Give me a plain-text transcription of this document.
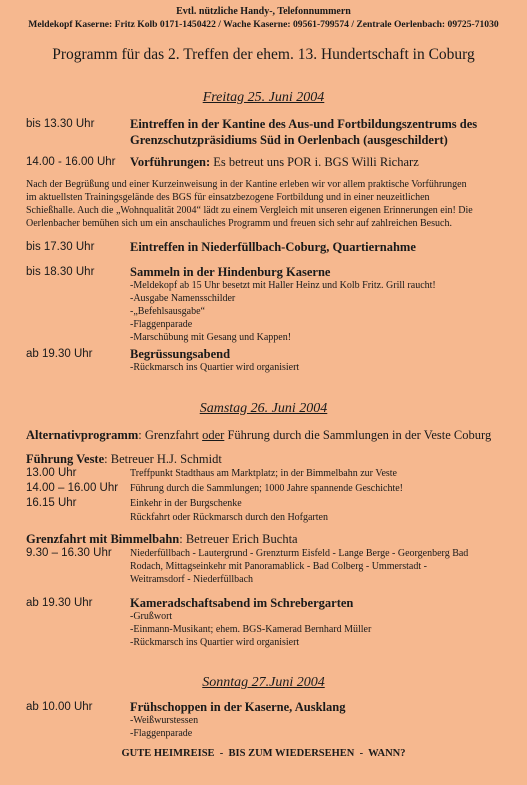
Evtl. nützliche Handy-, Telefonnummern
Meldekopf Kaserne: Fritz Kolb 0171-1450422 / Wache Kaserne: 09561-799574 / Zentrale Oerlenbach: 09725-71030
Programm für das 2. Treffen der ehem. 13. Hundertschaft in Coburg
Freitag 25. Juni 2004
bis 13.30 Uhr	Eintreffen in der Kantine des Aus-und Fortbildungszentrums des
Grenzschutzpräsidiums Süd in Oerlenbach (ausgeschildert)
14.00 - 16.00 Uhr Vorführungen: Es betreut uns POR i. BGS Willi Richarz
Nach der Begrüßung und einer Kurzeinweisung in der Kantine erleben wir vor allem praktische Vorführungen
im aktuellsten Trainingsgelände des BGS für einsatzbezogene Fortbildung und in einer neuzeitlichen
Schießhalle. Auch die „Wohnqualität 2004“ lädt zu einem Vergleich mit unseren eigenen Erinnerungen ein! Die
Oerlenbacher bemühen sich um ein anschauliches Programm und freuen sich sehr auf zahlreichen Besuch.
bis 17.30 Uhr	Eintreffen in Niederfüllbach-Coburg, Quartiernahme
bis 18.30 Uhr	Sammeln in der Hindenburg Kaserne
-Meldekopf ab 15 Uhr besetzt mit Haller Heinz und Kolb Fritz. Grill raucht!
-Ausgabe Namensschilder
-„Befehlsausgabe“
-Flaggenparade
-Marschübung mit Gesang und Kappen!
ab 19.30 Uhr	Begrüssungsabend
-Rückmarsch ins Quartier wird organisiert
Samstag 26. Juni 2004
Alternativprogramm: Grenzfahrt oder Führung durch die Sammlungen in der Veste Coburg
Führung Veste: Betreuer H.J. Schmidt
13.00 Uhr	Treffpunkt Stadthaus am Marktplatz; in der Bimmelbahn zur Veste
14.00 – 16.00 Uhr Führung durch die Sammlungen; 1000 Jahre spannende Geschichte!
16.15 Uhr	Einkehr in der Burgschenke
Rückfahrt oder Rückmarsch durch den Hofgarten
Grenzfahrt mit Bimmelbahn: Betreuer Erich Buchta
9.30 – 16.30 Uhr Niederfüllbach - Lautergrund - Grenzturm Eisfeld - Lange Berge - Georgenberg Bad
Rodach, Mittagseinkehr mit Panoramablick - Bad Colberg - Ummerstadt -
Weitramsdorf - Niederfüllbach
ab 19.30 Uhr	Kameradschaftsabend im Schrebergarten
-Grußwort
-Einmann-Musikant; ehem. BGS-Kamerad Bernhard Müller
-Rückmarsch ins Quartier wird organisiert
Sonntag 27.Juni 2004
ab 10.00 Uhr	Frühschoppen in der Kaserne, Ausklang
-Weißwurstessen
-Flaggenparade
GUTE HEIMREISE  -  BIS ZUM WIEDERSEHEN  -  WANN?
